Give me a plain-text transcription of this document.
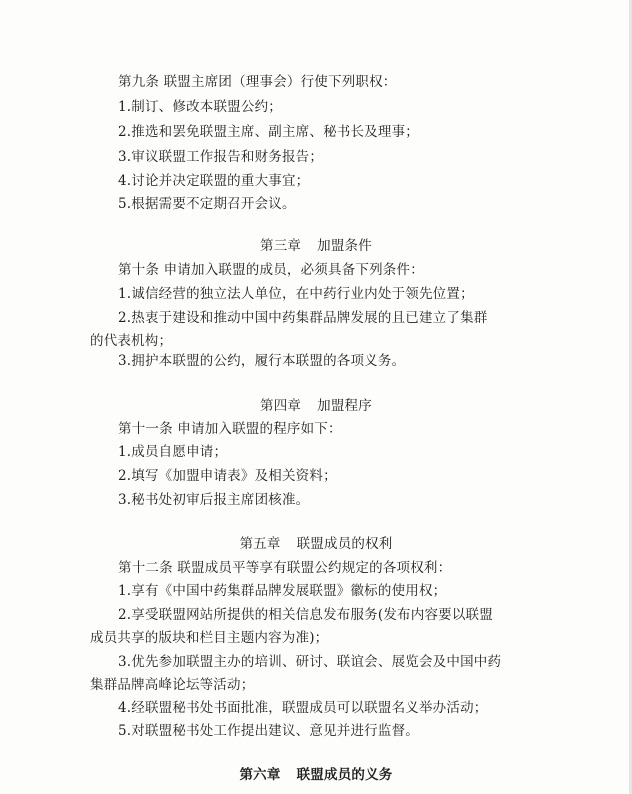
第九条 联盟主席团（理事会）行使下列职权：
1.制订、修改本联盟公约；
2.推选和罢免联盟主席、副主席、秘书长及理事；
3.审议联盟工作报告和财务报告；
4.讨论并决定联盟的重大事宜；
5.根据需要不定期召开会议。
第三章 加盟条件
第十条 申请加入联盟的成员，必须具备下列条件：
1.诚信经营的独立法人单位，在中药行业内处于领先位置；
2.热衷于建设和推动中国中药集群品牌发展的且已建立了集群
的代表机构；
3.拥护本联盟的公约，履行本联盟的各项义务。
第四章 加盟程序
第十一条 申请加入联盟的程序如下：
1.成员自愿申请；
2.填写《加盟申请表》及相关资料；
3.秘书处初审后报主席团核准。
第五章 联盟成员的权利
第十二条 联盟成员平等享有联盟公约规定的各项权利：
1.享有《中国中药集群品牌发展联盟》徽标的使用权；
2.享受联盟网站所提供的相关信息发布服务(发布内容要以联盟
成员共享的版块和栏目主题内容为准)；
3.优先参加联盟主办的培训、研讨、联谊会、展览会及中国中药
集群品牌高峰论坛等活动；
4.经联盟秘书处书面批准，联盟成员可以联盟名义举办活动；
5.对联盟秘书处工作提出建议、意见并进行监督。
第六章 联盟成员的义务
